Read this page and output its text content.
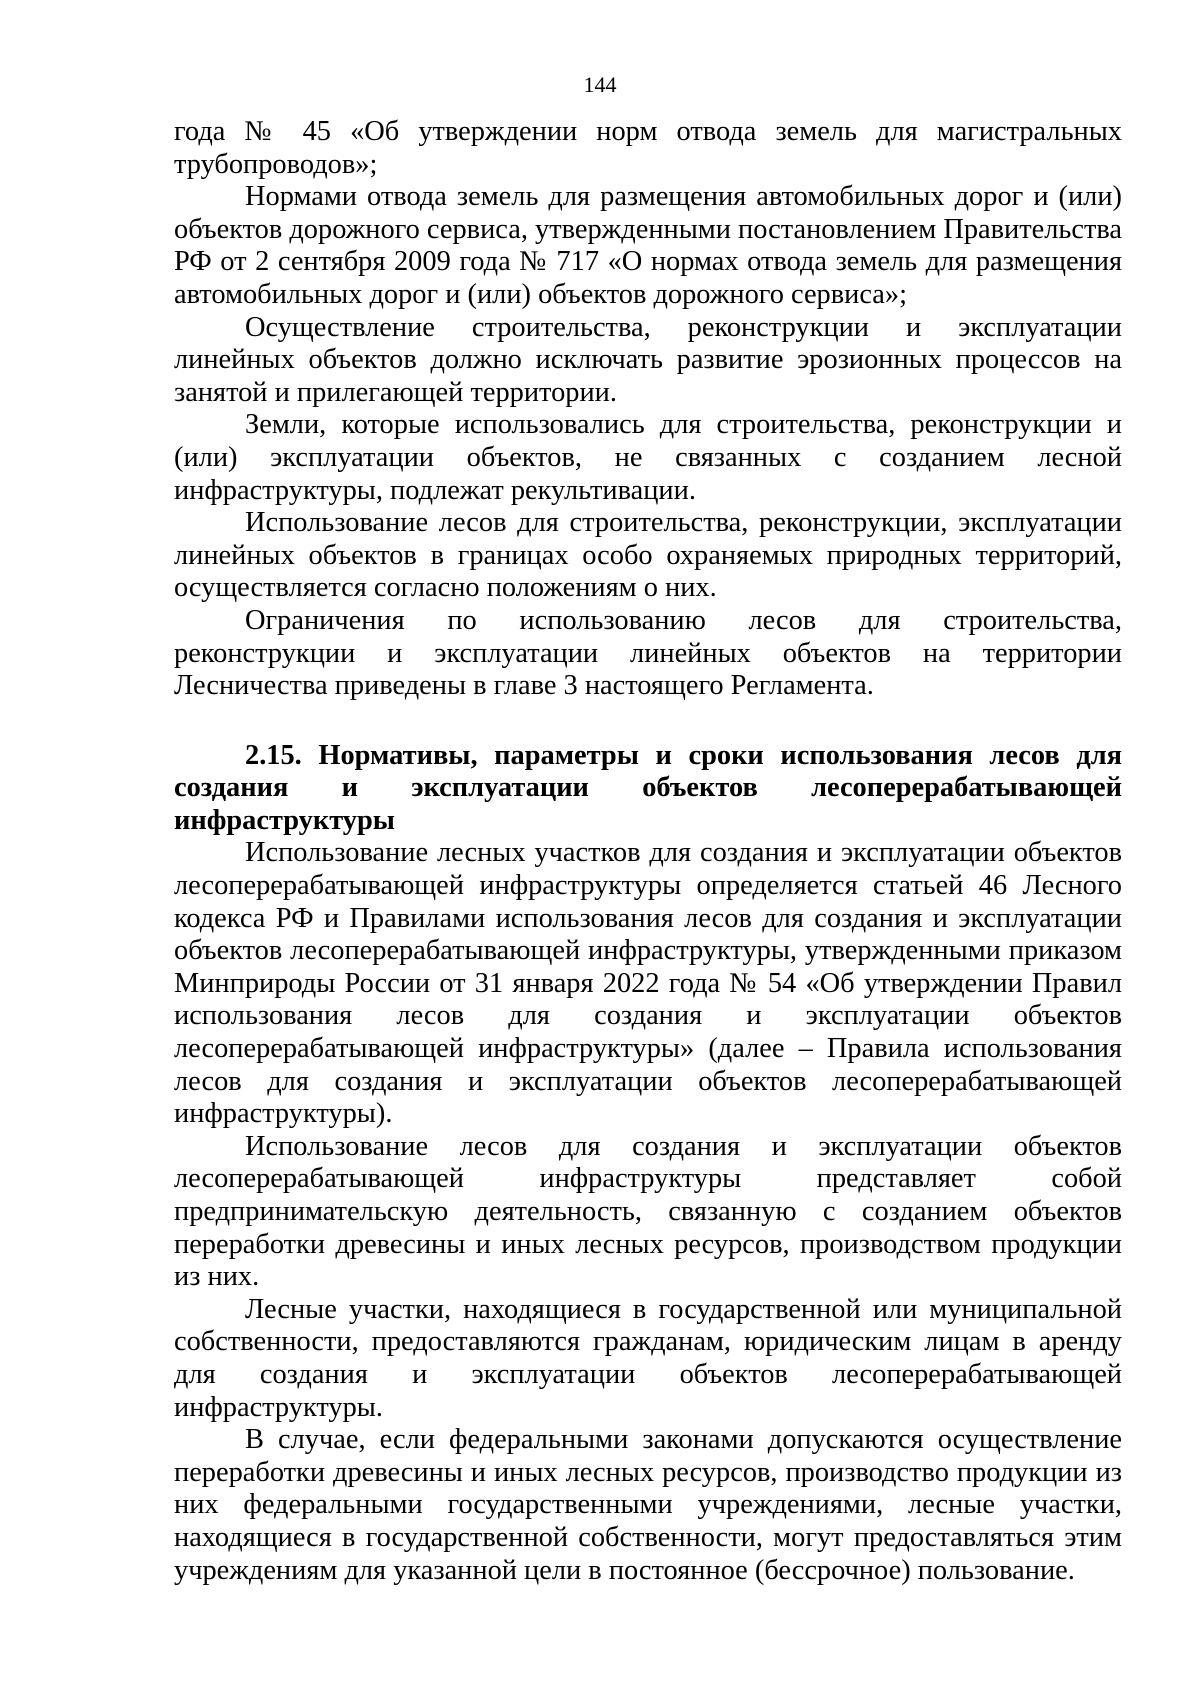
144

года № 45 «Об утверждении норм отвода земель для магистральных трубопроводов»;

Нормами отвода земель для размещения автомобильных дорог и (или) объектов дорожного сервиса, утвержденными постановлением Правительства РФ от 2 сентября 2009 года № 717 «О нормах отвода земель для размещения автомобильных дорог и (или) объектов дорожного сервиса»;

Осуществление строительства, реконструкции и эксплуатации линейных объектов должно исключать развитие эрозионных процессов на занятой и прилегающей территории.

Земли, которые использовались для строительства, реконструкции и (или) эксплуатации объектов, не связанных с созданием лесной инфраструктуры, подлежат рекультивации.

Использование лесов для строительства, реконструкции, эксплуатации линейных объектов в границах особо охраняемых природных территорий, осуществляется согласно положениям о них.

Ограничения по использованию лесов для строительства, реконструкции и эксплуатации линейных объектов на территории Лесничества приведены в главе 3 настоящего Регламента.

2.15. Нормативы, параметры и сроки использования лесов для создания и эксплуатации объектов лесоперерабатывающей инфраструктуры

Использование лесных участков для создания и эксплуатации объектов лесоперерабатывающей инфраструктуры определяется статьей 46 Лесного кодекса РФ и Правилами использования лесов для создания и эксплуатации объектов лесоперерабатывающей инфраструктуры, утвержденными приказом Минприроды России от 31 января 2022 года № 54 «Об утверждении Правил использования лесов для создания и эксплуатации объектов лесоперерабатывающей инфраструктуры» (далее – Правила использования лесов для создания и эксплуатации объектов лесоперерабатывающей инфраструктуры).

Использование лесов для создания и эксплуатации объектов лесоперерабатывающей инфраструктуры представляет собой предпринимательскую деятельность, связанную с созданием объектов переработки древесины и иных лесных ресурсов, производством продукции из них.

Лесные участки, находящиеся в государственной или муниципальной собственности, предоставляются гражданам, юридическим лицам в аренду для создания и эксплуатации объектов лесоперерабатывающей инфраструктуры.

В случае, если федеральными законами допускаются осуществление переработки древесины и иных лесных ресурсов, производство продукции из них федеральными государственными учреждениями, лесные участки, находящиеся в государственной собственности, могут предоставляться этим учреждениям для указанной цели в постоянное (бессрочное) пользование.
